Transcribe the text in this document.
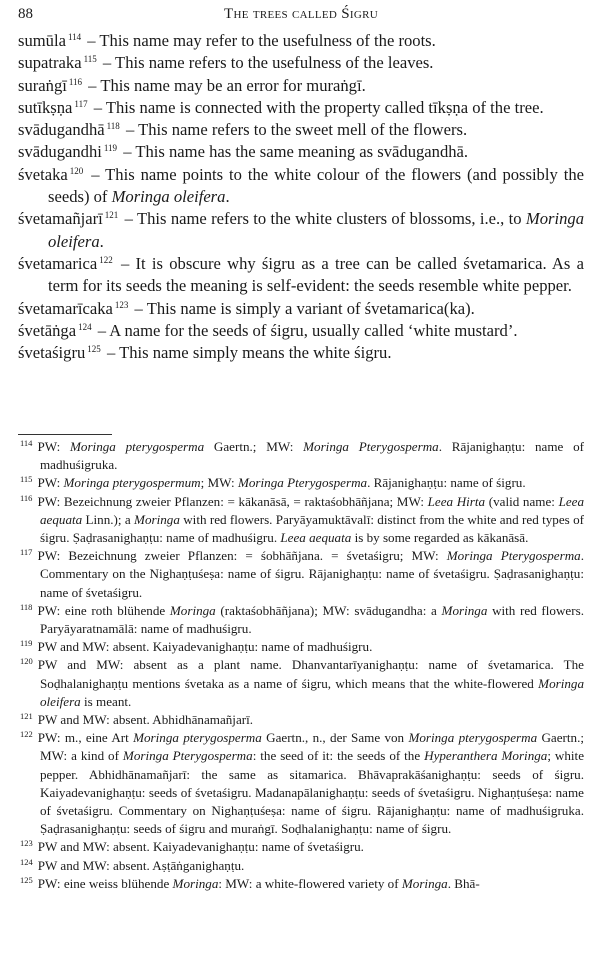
88	The trees called Śigru
sumūla $^{114}$ – This name may refer to the usefulness of the roots.
supatraka $^{115}$ – This name refers to the usefulness of the leaves.
suraṅgī $^{116}$ – This name may be an error for muraṅgī.
sutīkṣṇa $^{117}$ – This name is connected with the property called tīkṣṇa of the tree.
svādugandhā $^{118}$ – This name refers to the sweet mell of the flowers.
svādugandhi $^{119}$ – This name has the same meaning as svādugandhā.
śvetaka $^{120}$ – This name points to the white colour of the flowers (and possibly the seeds) of Moringa oleifera.
śvetamañjarī $^{121}$ – This name refers to the white clusters of blossoms, i.e., to Moringa oleifera.
śvetamarica $^{122}$ – It is obscure why śigru as a tree can be called śvetamarica. As a term for its seeds the meaning is self-evident: the seeds resemble white pepper.
śvetamarīcaka $^{123}$ – This name is simply a variant of śvetamarica(ka).
śvetāṅga $^{124}$ – A name for the seeds of śigru, usually called ‘white mustard’.
śvetaśigru $^{125}$ – This name simply means the white śigru.
$^{114}$ PW: Moringa pterygosperma Gaertn.; MW: Moringa Pterygosperma. Rājanighaṇṭu: name of madhuśigruka.
$^{115}$ PW: Moringa pterygospermum; MW: Moringa Pterygosperma. Rājanighaṇṭu: name of śigru.
$^{116}$ PW: Bezeichnung zweier Pflanzen: = kākanāsā, = raktaśobhāñjana; MW: Leea Hirta (valid name: Leea aequata Linn.); a Moringa with red flowers. Paryāyamuktāvalī: distinct from the white and red types of śigru. Ṣaḍrasanighaṇṭu: name of madhuśigru. Leea aequata is by some regarded as kākanāsā.
$^{117}$ PW: Bezeichnung zweier Pflanzen: = śobhāñjana. = śvetaśigru; MW: Moringa Pterygosperma. Commentary on the Nighaṇṭuśeṣa: name of śigru. Rājanighaṇṭu: name of śvetaśigru. Ṣaḍrasanighaṇṭu: name of śvetaśigru.
$^{118}$ PW: eine roth blühende Moringa (raktaśobhāñjana); MW: svādugandha: a Moringa with red flowers. Paryāyaratnamālā: name of madhuśigru.
$^{119}$ PW and MW: absent. Kaiyadevanighaṇṭu: name of madhuśigru.
$^{120}$ PW and MW: absent as a plant name. Dhanvantarīyanighaṇṭu: name of śvetamarica. The Soḍhalanighaṇṭu mentions śvetaka as a name of śigru, which means that the white-flowered Moringa oleifera is meant.
$^{121}$ PW and MW: absent. Abhidhānamañjarī.
$^{122}$ PW: m., eine Art Moringa pterygosperma Gaertn., n., der Same von Moringa pterygosperma Gaertn.; MW: a kind of Moringa Pterygosperma: the seed of it: the seeds of the Hyperanthera Moringa; white pepper. Abhidhānamañjarī: the same as sitamarica. Bhāvaprakāśanighaṇṭu: seeds of śigru. Kaiyadevanighaṇṭu: seeds of śvetaśigru. Madanapālanighaṇṭu: seeds of śvetaśigru. Nighaṇṭuśeṣa: name of śvetaśigru. Commentary on Nighaṇṭuśeṣa: name of śigru. Rājanighaṇṭu: name of madhuśigruka. Ṣaḍrasanighaṇṭu: seeds of śigru and muraṅgī. Soḍhalanighaṇṭu: name of śigru.
$^{123}$ PW and MW: absent. Kaiyadevanighaṇṭu: name of śvetaśigru.
$^{124}$ PW and MW: absent. Aṣṭāṅganighaṇṭu.
$^{125}$ PW: eine weiss blühende Moringa: MW: a white-flowered variety of Moringa. Bhā-
